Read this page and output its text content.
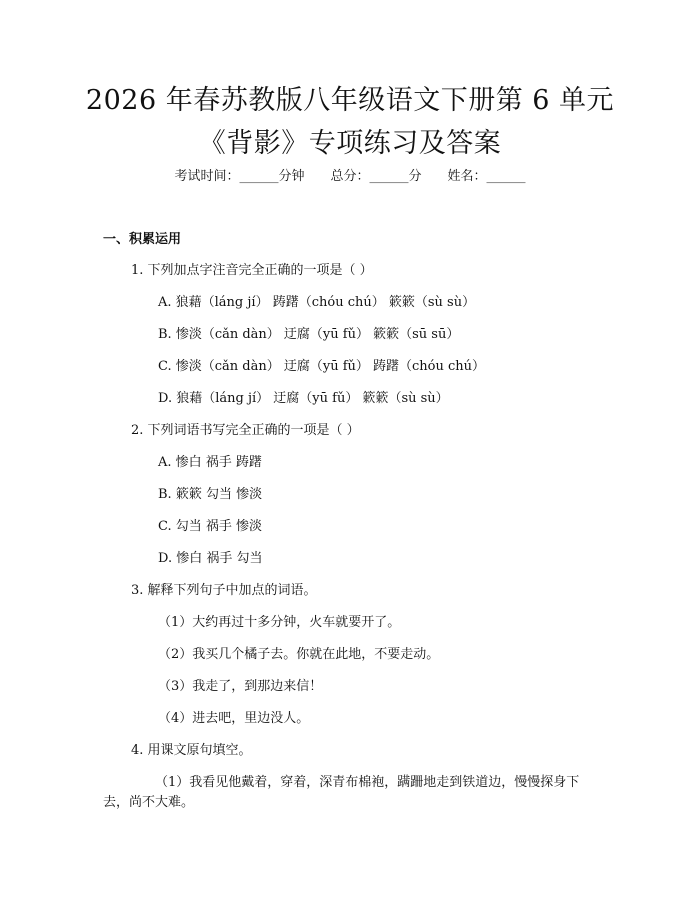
2026 年春苏教版八年级语文下册第 6 单元
《背影》专项练习及答案
考试时间：______分钟 总分：______分 姓名：______
一、积累运用
1. 下列加点字注音完全正确的一项是（ ）
A. 狼藉（láng jí） 踌躇（chóu chú） 簌簌（sù sù）
B. 惨淡（cǎn dàn） 迂腐（yū fǔ） 簌簌（sū sū）
C. 惨淡（cǎn dàn） 迂腐（yū fǔ） 踌躇（chóu chú）
D. 狼藉（láng jí） 迂腐（yū fǔ） 簌簌（sù sù）
2. 下列词语书写完全正确的一项是（ ）
A. 惨白 祸手 踌躇
B. 簌簌 勾当 惨淡
C. 勾当 祸手 惨淡
D. 惨白 祸手 勾当
3. 解释下列句子中加点的词语。
（1）大约再过十多分钟，火车就要开了。
（2）我买几个橘子去。你就在此地，不要走动。
（3）我走了，到那边来信！
（4）进去吧，里边没人。
4. 用课文原句填空。
（1）我看见他戴着，穿着，深青布棉袍，蹒跚地走到铁道边，慢慢探身下去，尚不大难。
